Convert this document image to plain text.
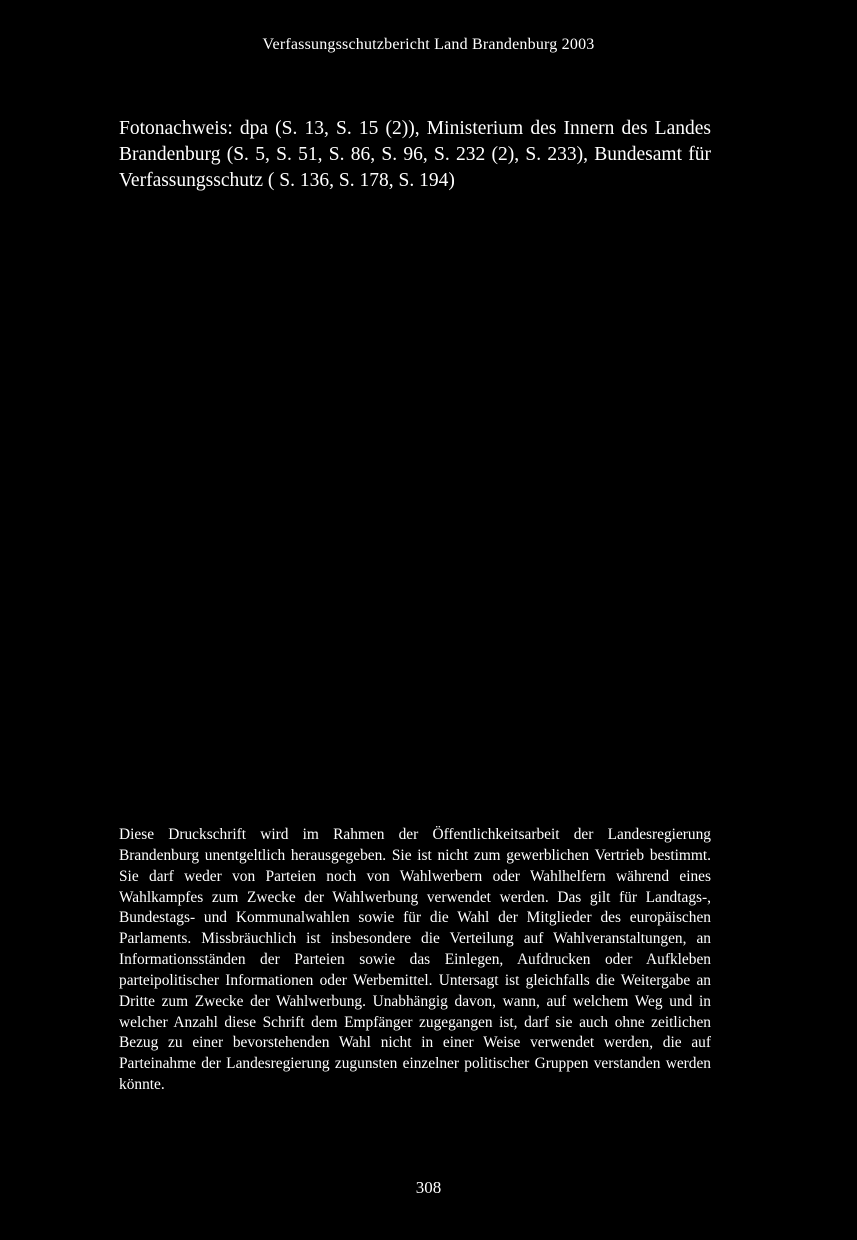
Verfassungsschutzbericht Land Brandenburg 2003

Fotonachweis: dpa (S. 13, S. 15 (2)), Ministerium des Innern des Landes Brandenburg (S. 5, S. 51, S. 86, S. 96, S. 232 (2), S. 233), Bundesamt für Verfassungsschutz ( S. 136, S. 178, S. 194)

Diese Druckschrift wird im Rahmen der Öffentlichkeitsarbeit der Landesregierung Brandenburg unentgeltlich herausgegeben. Sie ist nicht zum gewerblichen Vertrieb bestimmt. Sie darf weder von Parteien noch von Wahlwerbern oder Wahlhelfern während eines Wahlkampfes zum Zwecke der Wahlwerbung verwendet werden. Das gilt für Landtags-, Bundestags- und Kommunalwahlen sowie für die Wahl der Mitglieder des europäischen Parlaments. Missbräuchlich ist insbesondere die Verteilung auf Wahlveranstaltungen, an Informationsständen der Parteien sowie das Einlegen, Aufdrucken oder Aufkleben parteipolitischer Informationen oder Werbemittel. Untersagt ist gleichfalls die Weitergabe an Dritte zum Zwecke der Wahlwerbung. Unabhängig davon, wann, auf welchem Weg und in welcher Anzahl diese Schrift dem Empfänger zugegangen ist, darf sie auch ohne zeitlichen Bezug zu einer bevorstehenden Wahl nicht in einer Weise verwendet werden, die auf Parteinahme der Landesregierung zugunsten einzelner politischer Gruppen verstanden werden könnte.

308
